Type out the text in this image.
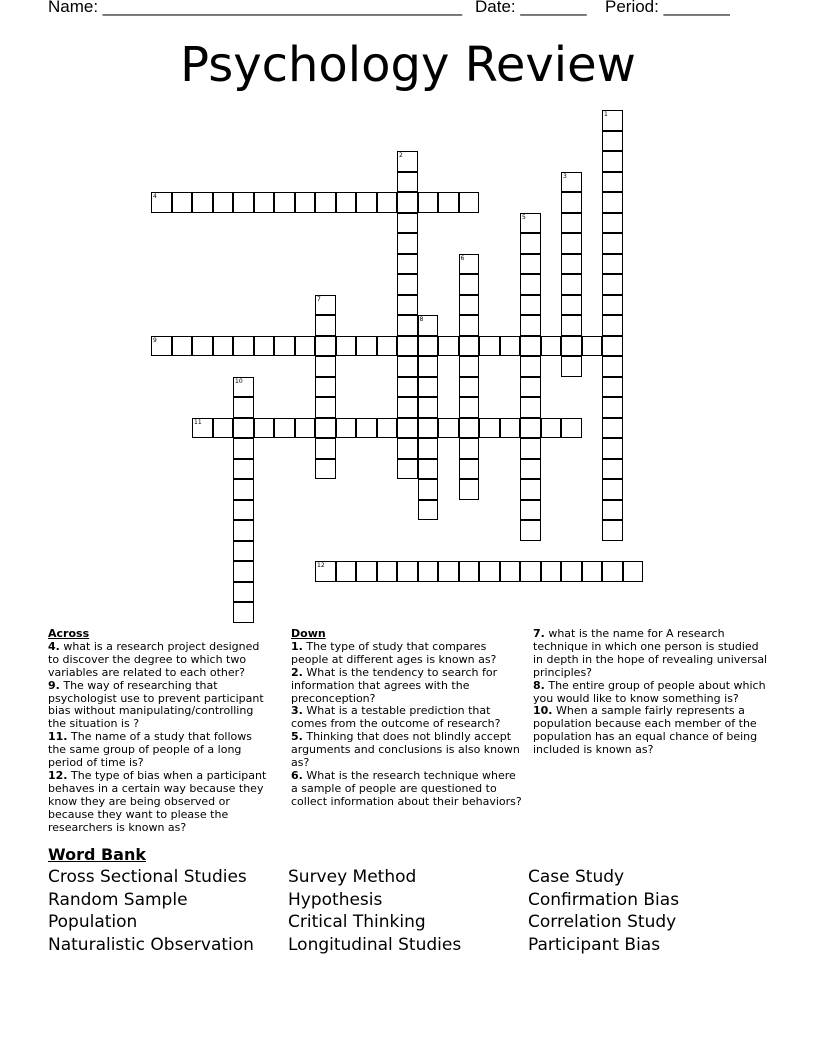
Name: ______________________________________ Date: _______ Period: _______
Psychology Review
1
2
3
4
5
6
7
8
9
10
11
12
Across
4. what is a research project designed to discover the degree to which two variables are related to each other?
9. The way of researching that psychologist use to prevent participant bias without manipulating/controlling the situation is ?
11. The name of a study that follows the same group of people of a long period of time is?
12. The type of bias when a participant behaves in a certain way because they know they are being observed or because they want to please the researchers is known as?
Down
1. The type of study that compares people at different ages is known as?
2. What is the tendency to search for information that agrees with the preconception?
3. What is a testable prediction that comes from the outcome of research?
5. Thinking that does not blindly accept arguments and conclusions is also known as?
6. What is the research technique where a sample of people are questioned to collect information about their behaviors?
7. what is the name for A research technique in which one person is studied in depth in the hope of revealing universal principles?
8. The entire group of people about which you would like to know something is?
10. When a sample fairly represents a population because each member of the population has an equal chance of being included is known as?
Word Bank
Cross Sectional Studies	Survey Method	Case Study
Random Sample	Hypothesis	Confirmation Bias
Population	Critical Thinking	Correlation Study
Naturalistic Observation	Longitudinal Studies	Participant Bias
